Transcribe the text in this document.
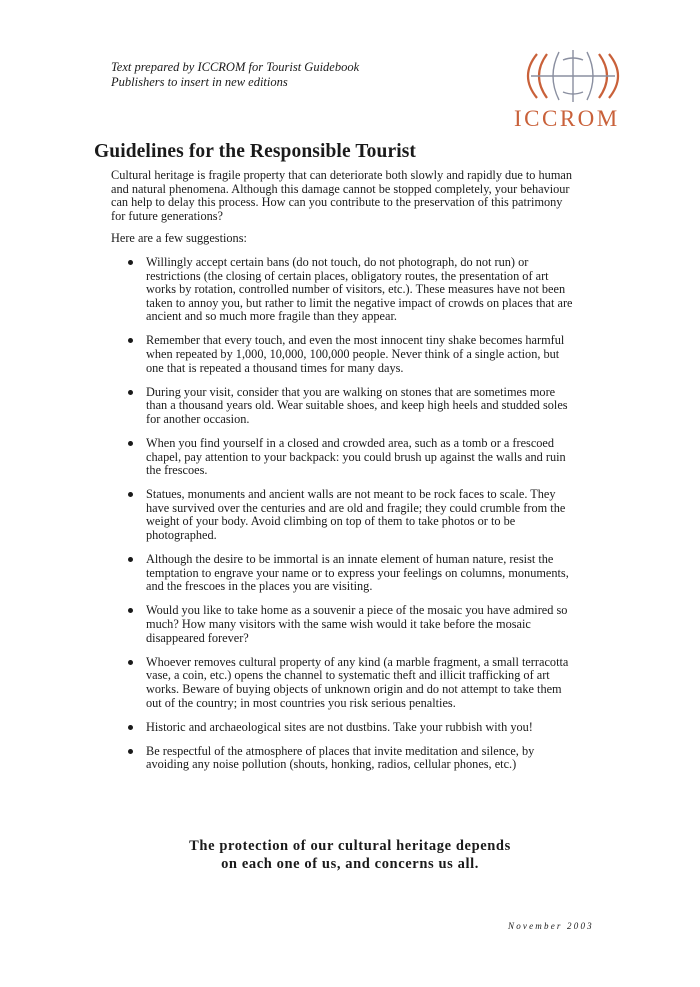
Text prepared by ICCROM for Tourist Guidebook
Publishers to insert in new editions
ICCROM
Guidelines for the Responsible Tourist

Cultural heritage is fragile property that can deteriorate both slowly and rapidly due to human and natural phenomena. Although this damage cannot be stopped completely, your behaviour can help to delay this process. How can you contribute to the preservation of this patrimony for future generations?

Here are a few suggestions:

Willingly accept certain bans (do not touch, do not photograph, do not run) or restrictions (the closing of certain places, obligatory routes, the presentation of art works by rotation, controlled number of visitors, etc.). These measures have not been taken to annoy you, but rather to limit the negative impact of crowds on places that are ancient and so much more fragile than they appear.
Remember that every touch, and even the most innocent tiny shake becomes harmful when repeated by 1,000, 10,000, 100,000 people. Never think of a single action, but one that is repeated a thousand times for many days.
During your visit, consider that you are walking on stones that are sometimes more than a thousand years old. Wear suitable shoes, and keep high heels and studded soles for another occasion.
When you find yourself in a closed and crowded area, such as a tomb or a frescoed chapel, pay attention to your backpack: you could brush up against the walls and ruin the frescoes.
Statues, monuments and ancient walls are not meant to be rock faces to scale. They have survived over the centuries and are old and fragile; they could crumble from the weight of your body. Avoid climbing on top of them to take photos or to be photographed.
Although the desire to be immortal is an innate element of human nature, resist the temptation to engrave your name or to express your feelings on columns, monuments, and the frescoes in the places you are visiting.
Would you like to take home as a souvenir a piece of the mosaic you have admired so much? How many visitors with the same wish would it take before the mosaic disappeared forever?
Whoever removes cultural property of any kind (a marble fragment, a small terracotta vase, a coin, etc.) opens the channel to systematic theft and illicit trafficking of art works. Beware of buying objects of unknown origin and do not attempt to take them out of the country; in most countries you risk serious penalties.
Historic and archaeological sites are not dustbins. Take your rubbish with you!
Be respectful of the atmosphere of places that invite meditation and silence, by avoiding any noise pollution (shouts, honking, radios, cellular phones, etc.)
The protection of our cultural heritage depends
on each one of us, and concerns us all.
November 2003
